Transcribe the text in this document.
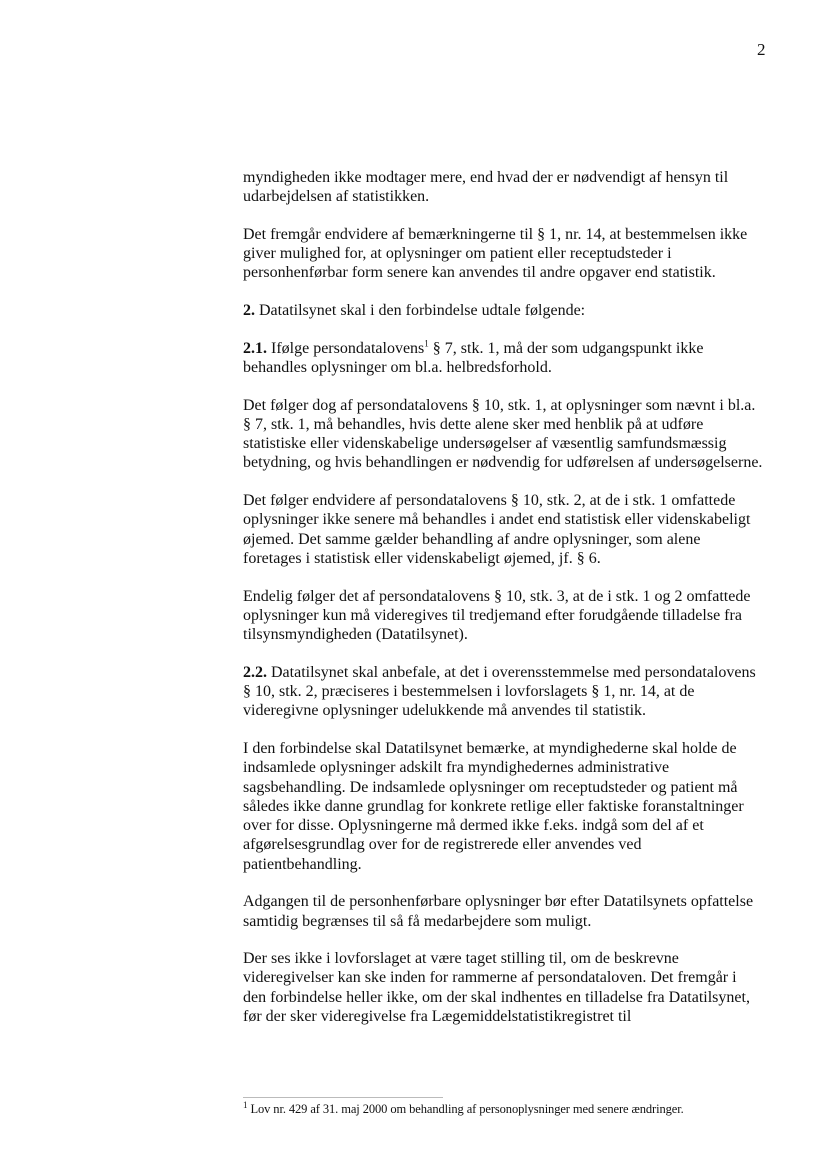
2

myndigheden ikke modtager mere, end hvad der er nødvendigt af hensyn til udarbejdelsen af statistikken.

Det fremgår endvidere af bemærkningerne til § 1, nr. 14, at bestemmelsen ikke giver mulighed for, at oplysninger om patient eller receptudsteder i personhenførbar form senere kan anvendes til andre opgaver end statistik.

2. Datatilsynet skal i den forbindelse udtale følgende:

2.1. Ifølge persondatalovens$^1$ § 7, stk. 1, må der som udgangspunkt ikke behandles oplysninger om bl.a. helbredsforhold.

Det følger dog af persondatalovens § 10, stk. 1, at oplysninger som nævnt i bl.a. § 7, stk. 1, må behandles, hvis dette alene sker med henblik på at udføre statistiske eller videnskabelige undersøgelser af væsentlig samfundsmæssig betydning, og hvis behandlingen er nødvendig for udførelsen af undersøgelserne.

Det følger endvidere af persondatalovens § 10, stk. 2, at de i stk. 1 omfattede oplysninger ikke senere må behandles i andet end statistisk eller videnskabeligt øjemed. Det samme gælder behandling af andre oplysninger, som alene foretages i statistisk eller videnskabeligt øjemed, jf. § 6.

Endelig følger det af persondatalovens § 10, stk. 3, at de i stk. 1 og 2 omfattede oplysninger kun må videregives til tredjemand efter forudgående tilladelse fra tilsynsmyndigheden (Datatilsynet).

2.2. Datatilsynet skal anbefale, at det i overensstemmelse med persondatalovens § 10, stk. 2, præciseres i bestemmelsen i lovforslagets § 1, nr. 14, at de videregivne oplysninger udelukkende må anvendes til statistik.

I den forbindelse skal Datatilsynet bemærke, at myndighederne skal holde de indsamlede oplysninger adskilt fra myndighedernes administrative sagsbehandling. De indsamlede oplysninger om receptudsteder og patient må således ikke danne grundlag for konkrete retlige eller faktiske foranstaltninger over for disse. Oplysningerne må dermed ikke f.eks. indgå som del af et afgørelsesgrundlag over for de registrerede eller anvendes ved patientbehandling.

Adgangen til de personhenførbare oplysninger bør efter Datatilsynets opfattelse samtidig begrænses til så få medarbejdere som muligt.

Der ses ikke i lovforslaget at være taget stilling til, om de beskrevne videregivelser kan ske inden for rammerne af persondataloven. Det fremgår i den forbindelse heller ikke, om der skal indhentes en tilladelse fra Datatilsynet, før der sker videregivelse fra Lægemiddelstatistikregistret til

$^1$ Lov nr. 429 af 31. maj 2000 om behandling af personoplysninger med senere ændringer.
